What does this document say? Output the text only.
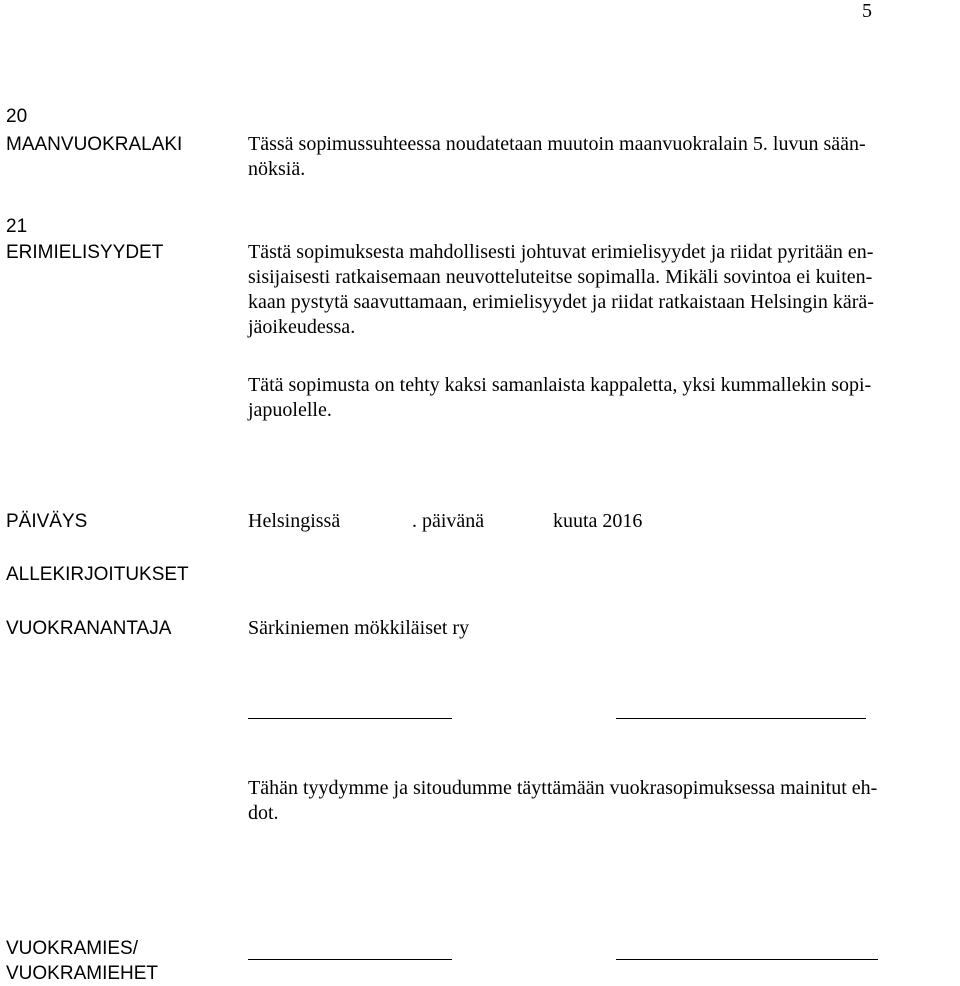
5
20
MAANVUOKRALAKI	Tässä sopimussuhteessa noudatetaan muutoin maanvuokralain 5. luvun sään-
nöksiä.
21
ERIMIELISYYDET	Tästä sopimuksesta mahdollisesti johtuvat erimielisyydet ja riidat pyritään en-
sisijaisesti ratkaisemaan neuvotteluteitse sopimalla. Mikäli sovintoa ei kuiten-
kaan pystytä saavuttamaan, erimielisyydet ja riidat ratkaistaan Helsingin kärä-
jäoikeudessa.
Tätä sopimusta on tehty kaksi samanlaista kappaletta, yksi kummallekin sopi-
japuolelle.
PÄIVÄYS	Helsingissä	. päivänä	kuuta 2016
ALLEKIRJOITUKSET
VUOKRANANTAJA	Särkiniemen mökkiläiset ry
Tähän tyydymme ja sitoudumme täyttämään vuokrasopimuksessa mainitut eh-
dot.
VUOKRAMIES/
VUOKRAMIEHET
